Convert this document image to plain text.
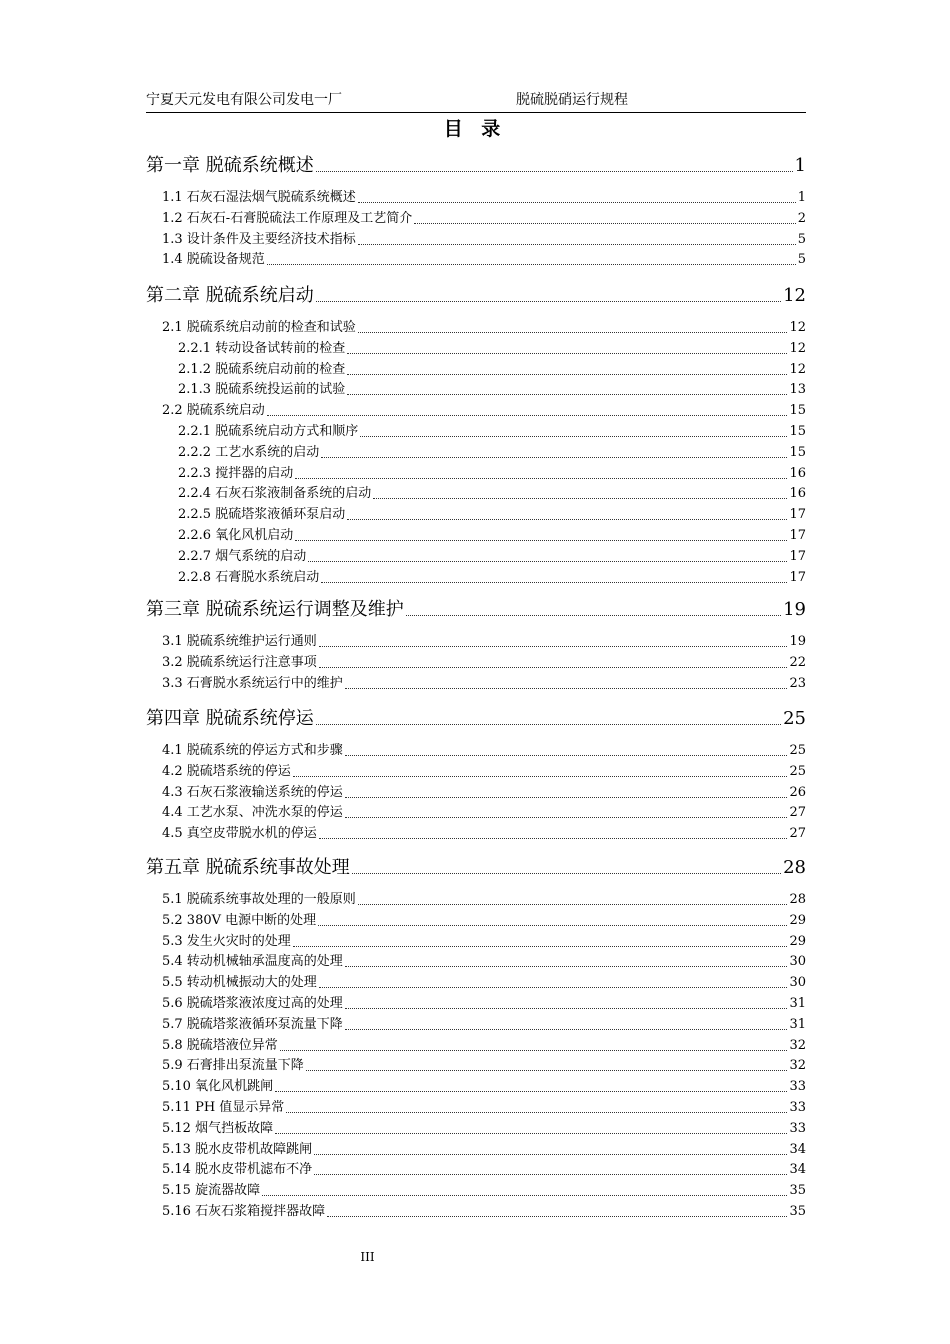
宁夏天元发电有限公司发电一厂	脱硫脱硝运行规程
目 录
第一章 脱硫系统概述	1
1.1 石灰石湿法烟气脱硫系统概述	1
1.2 石灰石-石膏脱硫法工作原理及工艺简介	2
1.3 设计条件及主要经济技术指标	5
1.4 脱硫设备规范	5
第二章 脱硫系统启动	12
2.1 脱硫系统启动前的检查和试验	12
2.2.1 转动设备试转前的检查	12
2.1.2 脱硫系统启动前的检查	12
2.1.3 脱硫系统投运前的试验	13
2.2 脱硫系统启动	15
2.2.1 脱硫系统启动方式和顺序	15
2.2.2 工艺水系统的启动	15
2.2.3 搅拌器的启动	16
2.2.4 石灰石浆液制备系统的启动	16
2.2.5 脱硫塔浆液循环泵启动	17
2.2.6 氧化风机启动	17
2.2.7 烟气系统的启动	17
2.2.8 石膏脱水系统启动	17
第三章 脱硫系统运行调整及维护	19
3.1 脱硫系统维护运行通则	19
3.2 脱硫系统运行注意事项	22
3.3 石膏脱水系统运行中的维护	23
第四章 脱硫系统停运	25
4.1 脱硫系统的停运方式和步骤	25
4.2 脱硫塔系统的停运	25
4.3 石灰石浆液输送系统的停运	26
4.4 工艺水泵、冲洗水泵的停运	27
4.5 真空皮带脱水机的停运	27
第五章 脱硫系统事故处理	28
5.1 脱硫系统事故处理的一般原则	28
5.2 380V 电源中断的处理	29
5.3 发生火灾时的处理	29
5.4 转动机械轴承温度高的处理	30
5.5 转动机械振动大的处理	30
5.6 脱硫塔浆液浓度过高的处理	31
5.7 脱硫塔浆液循环泵流量下降	31
5.8 脱硫塔液位异常	32
5.9 石膏排出泵流量下降	32
5.10 氧化风机跳闸	33
5.11 PH 值显示异常	33
5.12 烟气挡板故障	33
5.13 脱水皮带机故障跳闸	34
5.14 脱水皮带机滤布不净	34
5.15 旋流器故障	35
5.16 石灰石浆箱搅拌器故障	35
III
